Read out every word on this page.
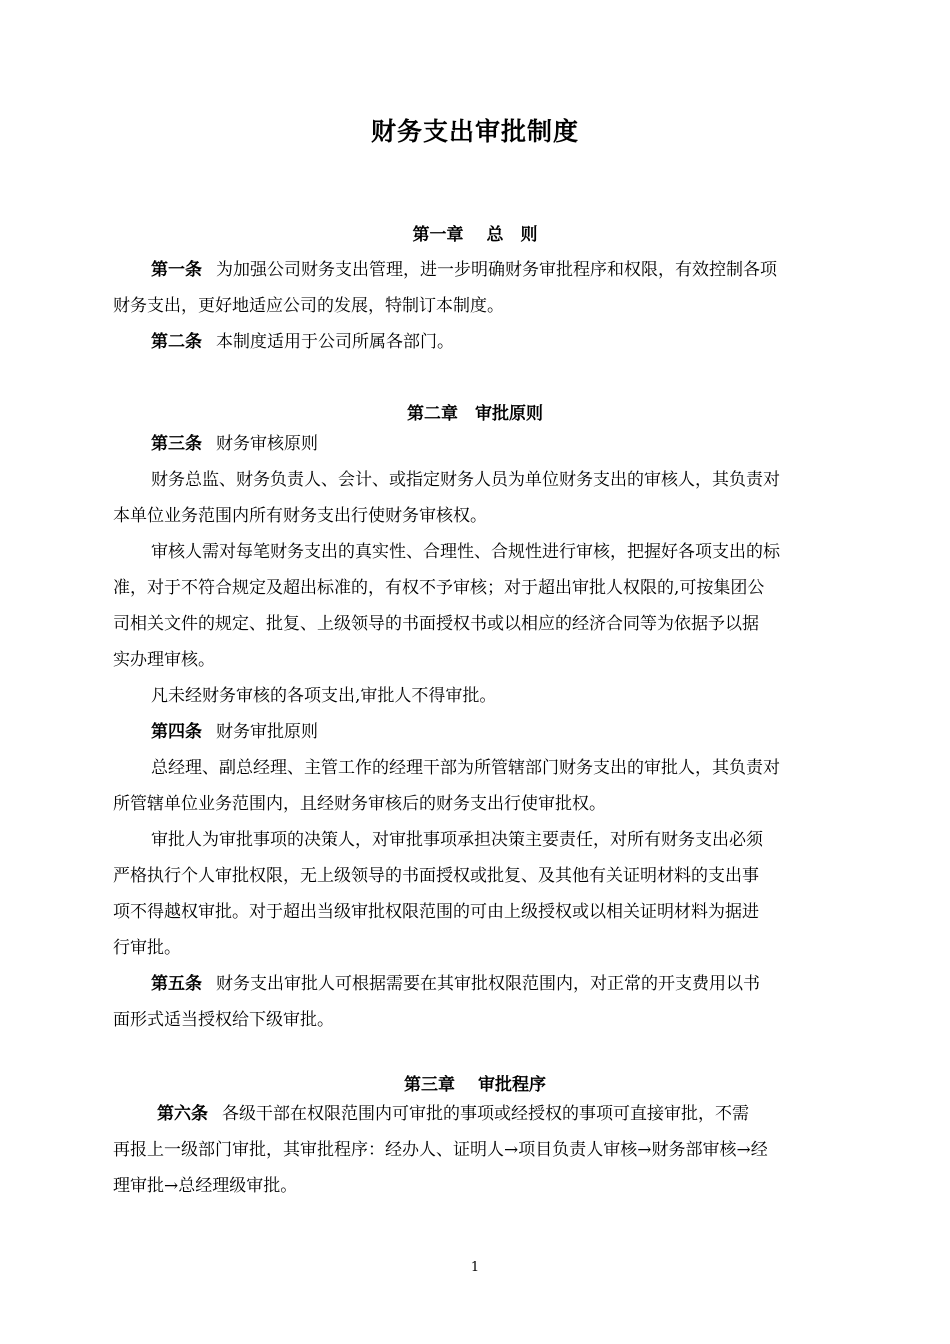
财务支出审批制度
第一章　 总　则
第一条 为加强公司财务支出管理，进一步明确财务审批程序和权限，有效控制各项
财务支出，更好地适应公司的发展，特制订本制度。
第二条 本制度适用于公司所属各部门。
第二章　审批原则
第三条 财务审核原则
财务总监、财务负责人、会计、或指定财务人员为单位财务支出的审核人，其负责对
本单位业务范围内所有财务支出行使财务审核权。
审核人需对每笔财务支出的真实性、合理性、合规性进行审核，把握好各项支出的标
准，对于不符合规定及超出标准的，有权不予审核；对于超出审批人权限的,可按集团公
司相关文件的规定、批复、上级领导的书面授权书或以相应的经济合同等为依据予以据
实办理审核。
凡未经财务审核的各项支出,审批人不得审批。
第四条 财务审批原则
总经理、副总经理、主管工作的经理干部为所管辖部门财务支出的审批人，其负责对
所管辖单位业务范围内，且经财务审核后的财务支出行使审批权。
审批人为审批事项的决策人，对审批事项承担决策主要责任，对所有财务支出必须
严格执行个人审批权限，无上级领导的书面授权或批复、及其他有关证明材料的支出事
项不得越权审批。对于超出当级审批权限范围的可由上级授权或以相关证明材料为据进
行审批。
第五条 财务支出审批人可根据需要在其审批权限范围内，对正常的开支费用以书
面形式适当授权给下级审批。
第三章　 审批程序
第六条 各级干部在权限范围内可审批的事项或经授权的事项可直接审批，不需
再报上一级部门审批，其审批程序：经办人、证明人→项目负责人审核→财务部审核→经
理审批→总经理级审批。
1
